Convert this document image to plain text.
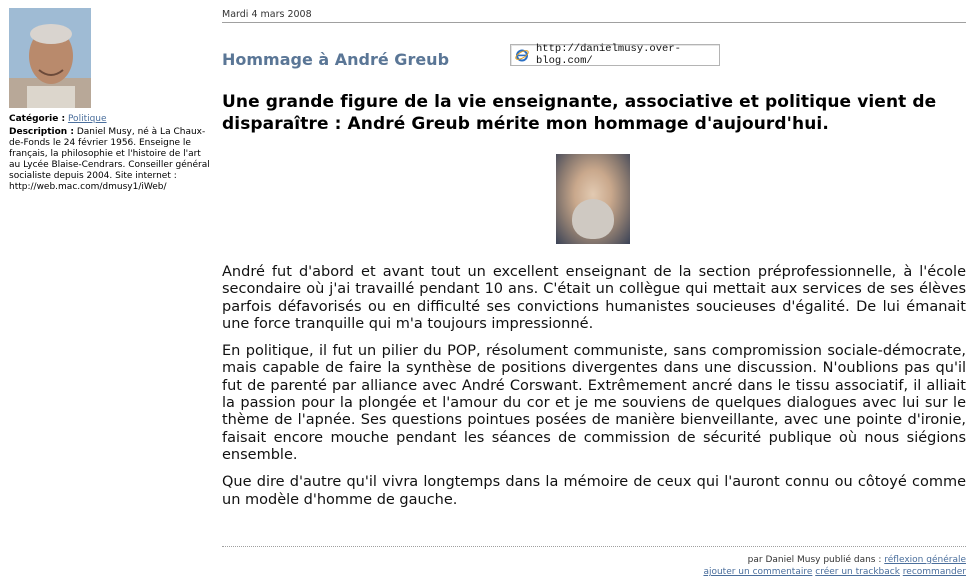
Catégorie : Politique
Description : Daniel Musy, né à La Chaux-de-Fonds le 24 février 1956. Enseigne le français, la philosophie et l'histoire de l'art au Lycée Blaise-Cendrars. Conseiller général socialiste depuis 2004. Site internet : http://web.mac.com/dmusy1/iWeb/
Mardi 4 mars 2008
Hommage à André Greub
http://danielmusy.over-blog.com/
Une grande figure de la vie enseignante, associative et politique vient de disparaître : André Greub mérite mon hommage d'aujourd'hui.

André fut d'abord et avant tout un excellent enseignant de la section préprofessionnelle, à l'école secondaire où j'ai travaillé pendant 10 ans. C'était un collègue qui mettait aux services de ses élèves parfois défavorisés ou en difficulté ses convictions humanistes soucieuses d'égalité. De lui émanait une force tranquille qui m'a toujours impressionné.

En politique, il fut un pilier du POP, résolument communiste, sans compromission sociale-démocrate, mais capable de faire la synthèse de positions divergentes dans une discussion. N'oublions pas qu'il fut de parenté par alliance avec André Corswant. Extrêmement ancré dans le tissu associatif, il alliait la passion pour la plongée et l'amour du cor et je me souviens de quelques dialogues avec lui sur le thème de l'apnée. Ses questions pointues posées de manière bienveillante, avec une pointe d'ironie, faisait encore mouche pendant les séances de commission de sécurité publique où nous siégions ensemble.

Que dire d'autre qu'il vivra longtemps dans la mémoire de ceux qui l'auront connu ou côtoyé comme un modèle d'homme de gauche.

par Daniel Musy publié dans : réflexion générale
ajouter un commentaire créer un trackback recommander
